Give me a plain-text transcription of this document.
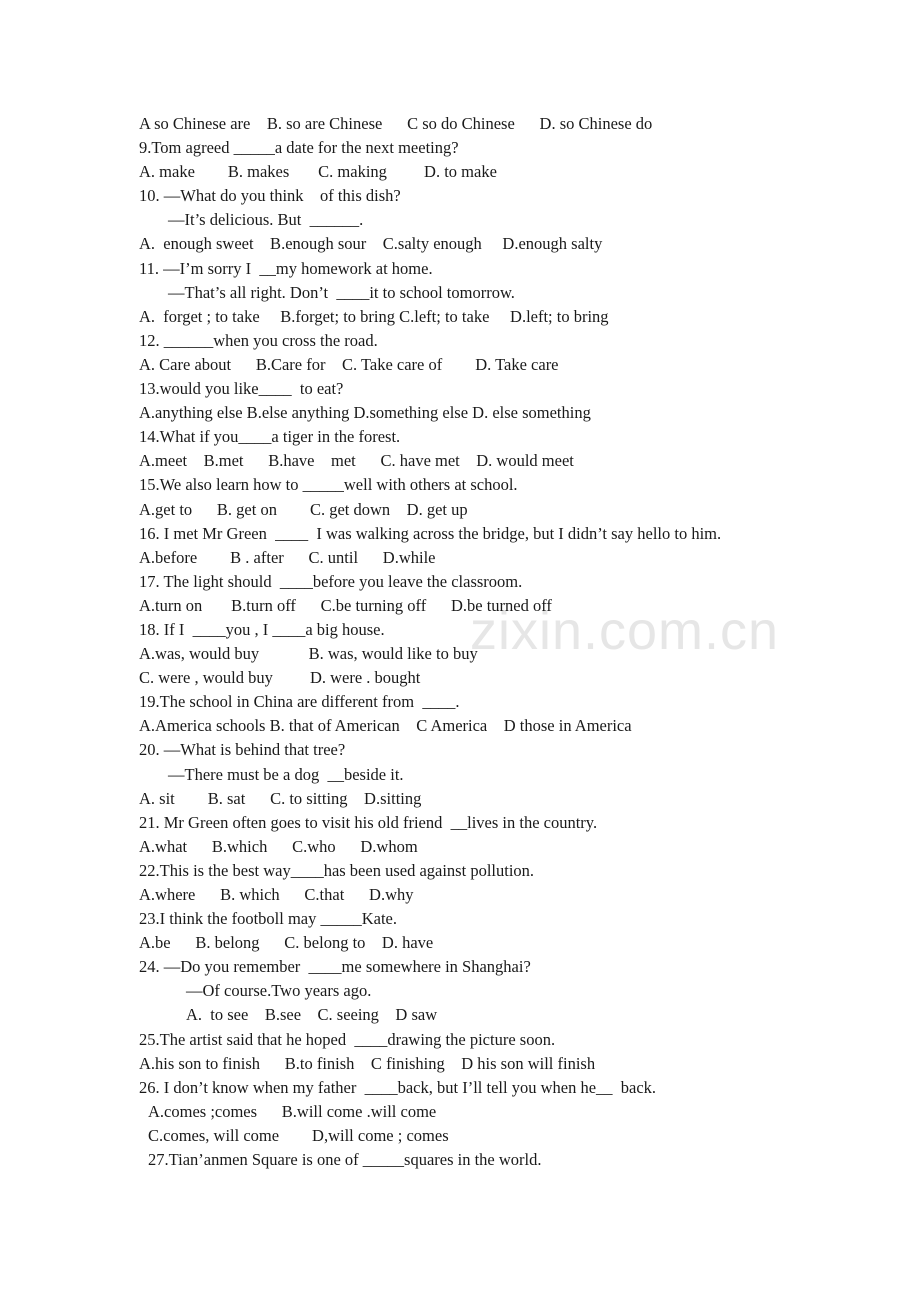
zixin.com.cn
A so Chinese are    B. so are Chinese      C so do Chinese      D. so Chinese do
9.Tom agreed _____a date for the next meeting?
A. make        B. makes       C. making         D. to make
10. —What do you think    of this dish?
—It’s delicious. But  ______.
A.  enough sweet    B.enough sour    C.salty enough     D.enough salty
11. —I’m sorry I  __my homework at home.
—That’s all right. Don’t  ____it to school tomorrow.
A.  forget ; to take     B.forget; to bring C.left; to take     D.left; to bring
12. ______when you cross the road.
A. Care about      B.Care for    C. Take care of        D. Take care
13.would you like____  to eat?
A.anything else B.else anything D.something else D. else something
14.What if you____a tiger in the forest.
A.meet    B.met      B.have    met      C. have met    D. would meet
15.We also learn how to _____well with others at school.
A.get to      B. get on        C. get down    D. get up
16. I met Mr Green  ____  I was walking across the bridge, but I didn’t say hello to him.
A.before        B . after      C. until      D.while
17. The light should  ____before you leave the classroom.
A.turn on       B.turn off      C.be turning off      D.be turned off
18. If I  ____you , I ____a big house.
A.was, would buy            B. was, would like to buy
C. were , would buy         D. were . bought
19.The school in China are different from  ____.
A.America schools B. that of American    C America    D those in America
20. —What is behind that tree?
—There must be a dog  __beside it.
A. sit        B. sat      C. to sitting    D.sitting
21. Mr Green often goes to visit his old friend  __lives in the country.
A.what      B.which      C.who      D.whom
22.This is the best way____has been used against pollution.
A.where      B. which      C.that      D.why
23.I think the footboll may _____Kate.
A.be      B. belong      C. belong to    D. have
24. —Do you remember  ____me somewhere in Shanghai?
—Of course.Two years ago.
A.  to see    B.see    C. seeing    D saw
25.The artist said that he hoped  ____drawing the picture soon.
A.his son to finish      B.to finish    C finishing    D his son will finish
26. I don’t know when my father  ____back, but I’ll tell you when he__  back.
A.comes ;comes      B.will come .will come
C.comes, will come        D,will come ; comes
27.Tian’anmen Square is one of _____squares in the world.
